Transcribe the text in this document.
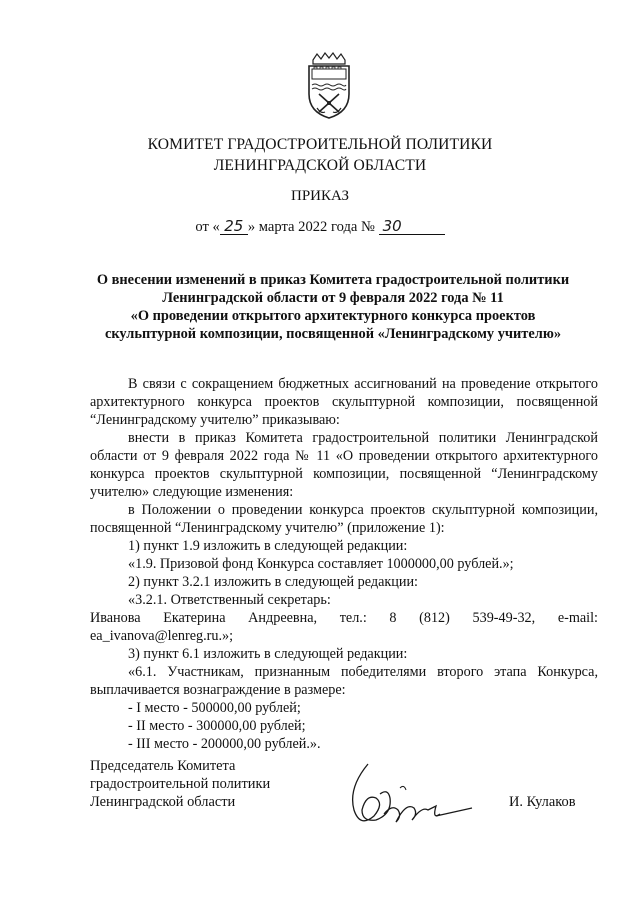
КОМИТЕТ ГРАДОСТРОИТЕЛЬНОЙ ПОЛИТИКИ
ЛЕНИНГРАДСКОЙ ОБЛАСТИ
ПРИКАЗ
от « 25 » марта 2022 года № 30
О внесении изменений в приказ Комитета градостроительной политики
Ленинградской области от 9 февраля 2022 года № 11
«О проведении открытого архитектурного конкурса проектов
скульптурной композиции, посвященной «Ленинградскому учителю»

В связи с сокращением бюджетных ассигнований на проведение открытого архитектурного конкурса проектов скульптурной композиции, посвященной “Ленинградскому учителю” приказываю:

внести в приказ Комитета градостроительной политики Ленинградской области от 9 февраля 2022 года № 11 «О проведении открытого архитектурного конкурса проектов скульптурной композиции, посвященной “Ленинградскому учителю» следующие изменения:

в Положении о проведении конкурса проектов скульптурной композиции, посвященной “Ленинградскому учителю” (приложение 1):

1) пункт 1.9 изложить в следующей редакции:

«1.9. Призовой фонд Конкурса составляет 1000000,00 рублей.»;

2) пункт 3.2.1 изложить в следующей редакции:

«3.2.1. Ответственный секретарь:

Иванова Екатерина Андреевна, тел.: 8 (812) 539-49-32, e-mail: ea_ivanova@lenreg.ru.»;

3) пункт 6.1 изложить в следующей редакции:

«6.1. Участникам, признанным победителями второго этапа Конкурса, выплачивается вознаграждение в размере:

- I место - 500000,00 рублей;

- II место - 300000,00 рублей;

- III место - 200000,00 рублей.».

Председатель Комитета
градостроительной политики
Ленинградской области	И. Кулаков
